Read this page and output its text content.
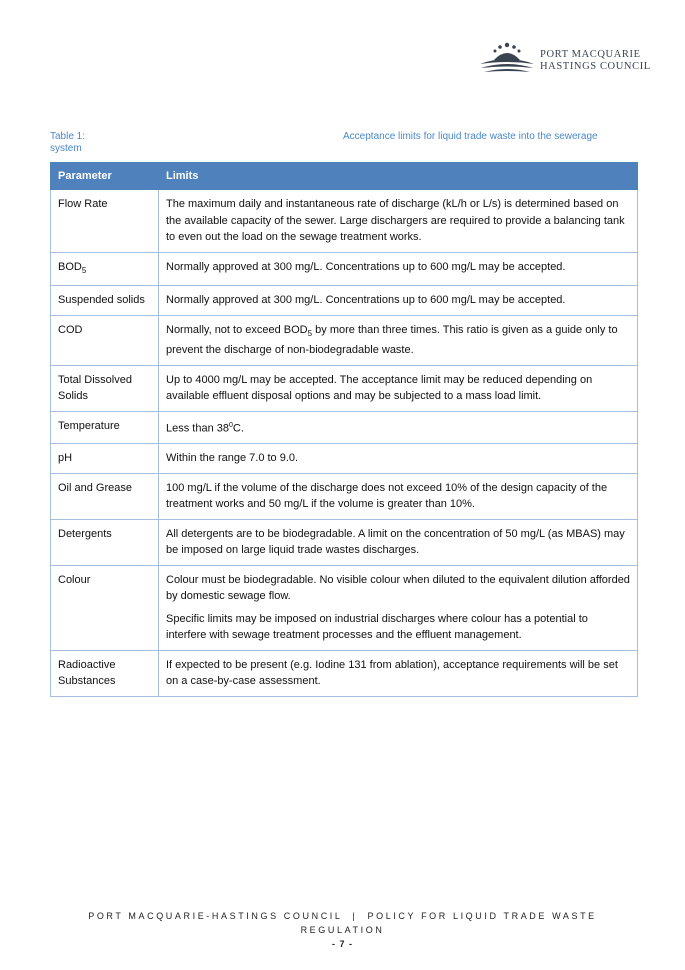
PORT MACQUARIE
HASTINGS COUNCIL
Table 1:	Acceptance limits for liquid trade waste into the sewerage
system
Parameter	Limits
Flow Rate	The maximum daily and instantaneous rate of discharge (kL/h or L/s) is determined based on the available capacity of the sewer. Large dischargers are required to provide a balancing tank to even out the load on the sewage treatment works.

$BOD_5$	Normally approved at 300 mg/L. Concentrations up to 600 mg/L may be accepted.

Suspended solids	Normally approved at 300 mg/L. Concentrations up to 600 mg/L may be accepted.

COD	Normally, not to exceed $BOD_5$ by more than three times. This ratio is given as a guide only to prevent the discharge of non-biodegradable waste.

Total Dissolved Solids	Up to 4000 mg/L may be accepted. The acceptance limit may be reduced depending on available effluent disposal options and may be subjected to a mass load limit.

Temperature	Less than $38^0C$.

pH	Within the range 7.0 to 9.0.

Oil and Grease	100 mg/L if the volume of the discharge does not exceed 10% of the design capacity of the treatment works and 50 mg/L if the volume is greater than 10%.

Detergents	All detergents are to be biodegradable. A limit on the concentration of 50 mg/L (as MBAS) may be imposed on large liquid trade wastes discharges.

Colour	Colour must be biodegradable. No visible colour when diluted to the equivalent dilution afforded by domestic sewage flow.

Specific limits may be imposed on industrial discharges where colour has a potential to interfere with sewage treatment processes and the effluent management.

Radioactive Substances	If expected to be present (e.g. Iodine 131 from ablation), acceptance requirements will be set on a case-by-case assessment.

PORT MACQUARIE-HASTINGS COUNCIL  |  POLICY FOR LIQUID TRADE WASTE
REGULATION
- 7 -
